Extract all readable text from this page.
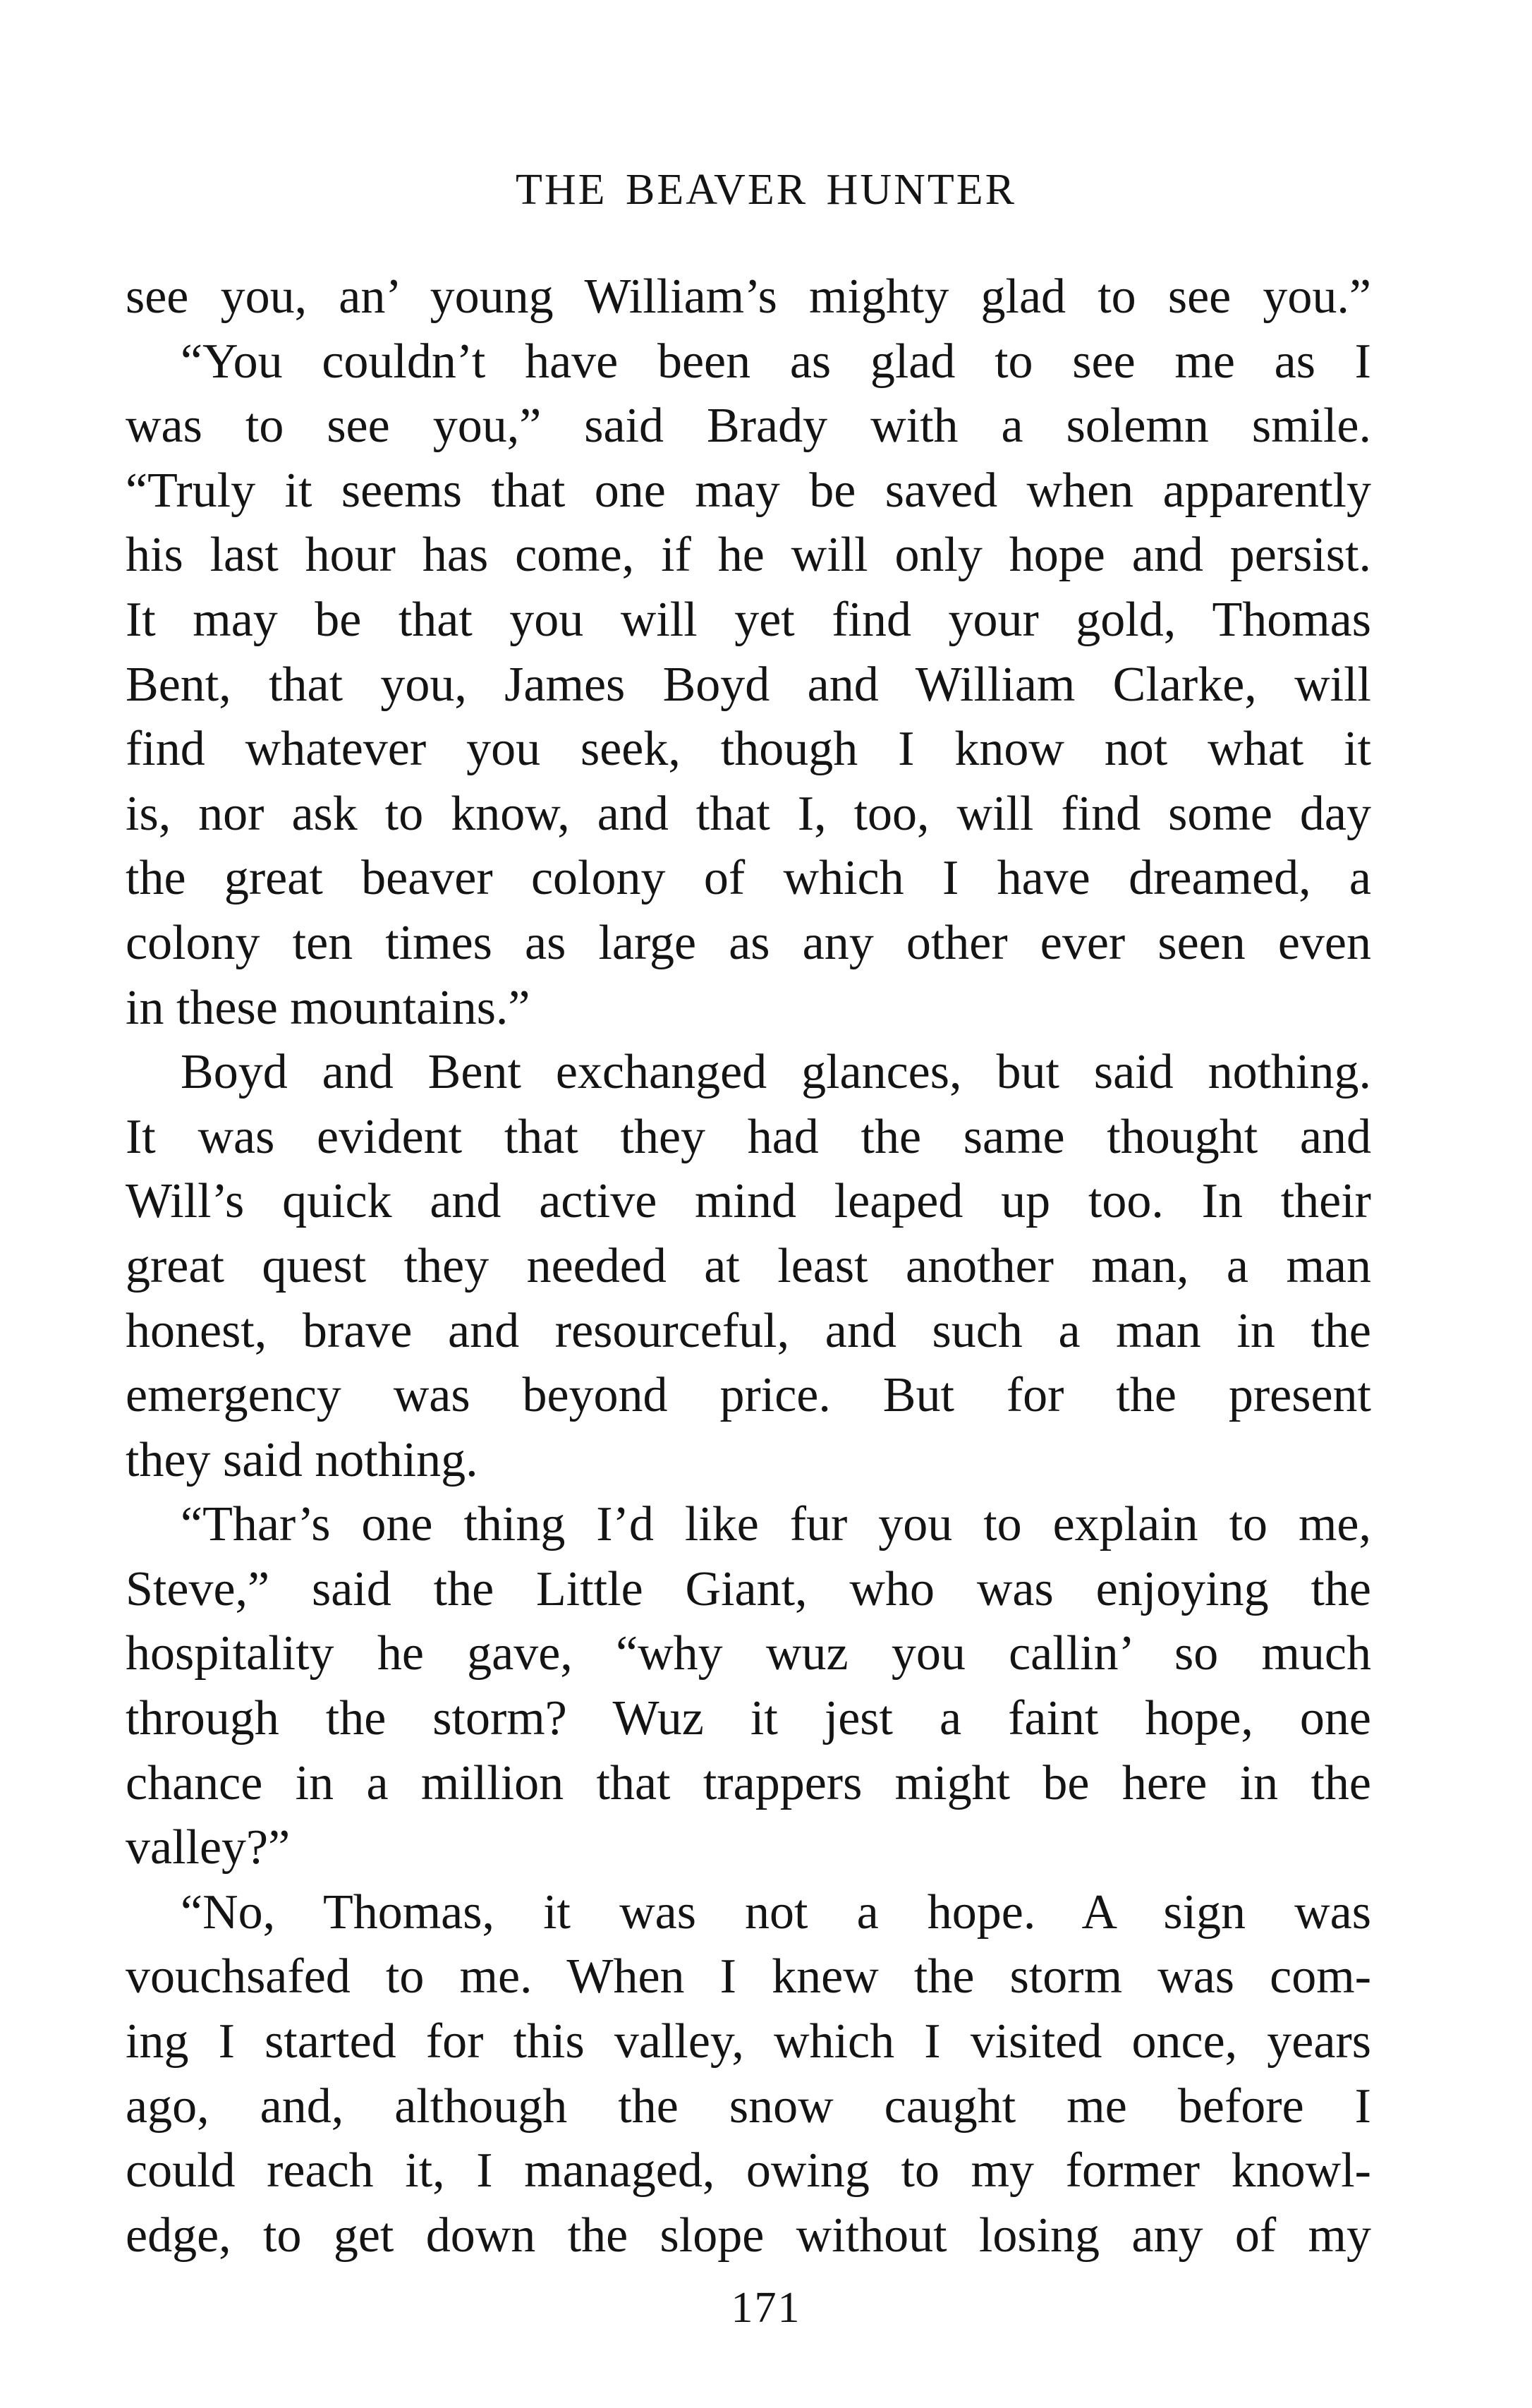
THE BEAVER HUNTER
see you, an’ young William’s mighty glad to see you.”
“You couldn’t have been as glad to see me as I
was to see you,” said Brady with a solemn smile.
“Truly it seems that one may be saved when apparently
his last hour has come, if he will only hope and persist.
It may be that you will yet find your gold, Thomas
Bent, that you, James Boyd and William Clarke, will
find whatever you seek, though I know not what it
is, nor ask to know, and that I, too, will find some day
the great beaver colony of which I have dreamed, a
colony ten times as large as any other ever seen even
in these mountains.”
Boyd and Bent exchanged glances, but said nothing.
It was evident that they had the same thought and
Will’s quick and active mind leaped up too. In their
great quest they needed at least another man, a man
honest, brave and resourceful, and such a man in the
emergency was beyond price. But for the present
they said nothing.
“Thar’s one thing I’d like fur you to explain to me,
Steve,” said the Little Giant, who was enjoying the
hospitality he gave, “why wuz you callin’ so much
through the storm? Wuz it jest a faint hope, one
chance in a million that trappers might be here in the
valley?”
“No, Thomas, it was not a hope. A sign was
vouchsafed to me. When I knew the storm was com-
ing I started for this valley, which I visited once, years
ago, and, although the snow caught me before I
could reach it, I managed, owing to my former knowl-
edge, to get down the slope without losing any of my
171
